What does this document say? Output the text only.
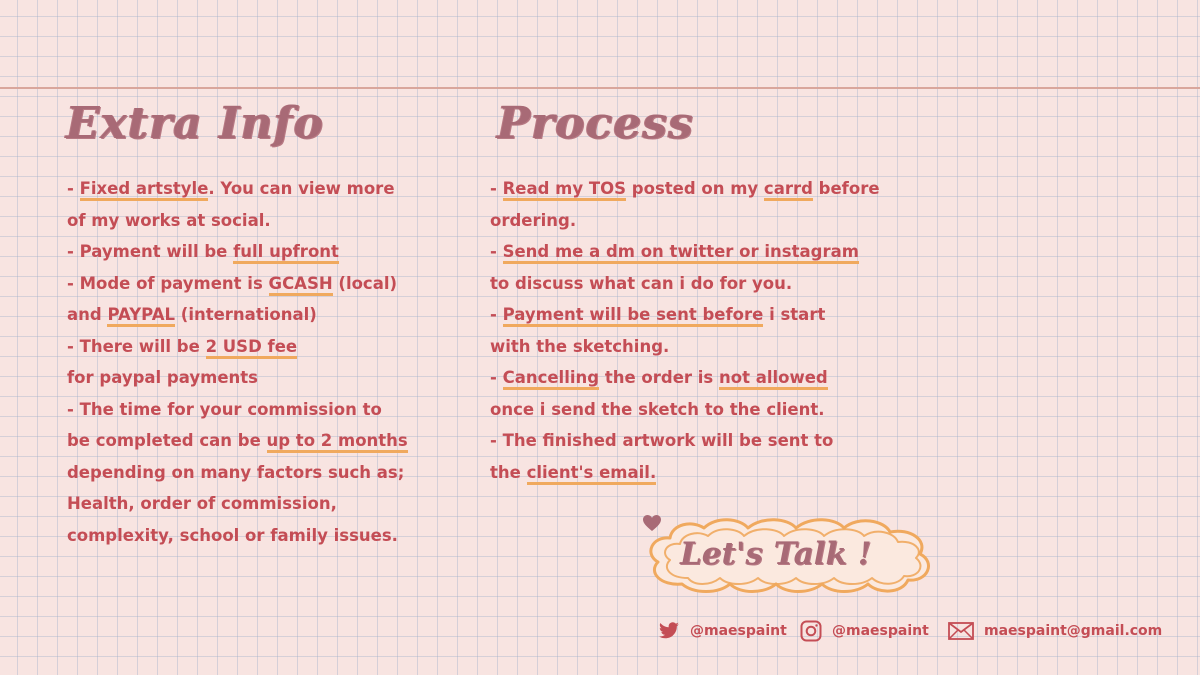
Extra Info
- Fixed artstyle. You can view more
of my works at social.
- Payment will be full upfront
- Mode of payment is GCASH (local)
and PAYPAL (international)
- There will be 2 USD fee
for paypal payments
- The time for your commission to
be completed can be up to 2 months
depending on many factors such as;
Health, order of commission,
complexity, school or family issues.
Process
- Read my TOS posted on my carrd before
ordering.
- Send me a dm on twitter or instagram
to discuss what can i do for you.
- Payment will be sent before i start
with the sketching.
- Cancelling the order is not allowed
once i send the sketch to the client.
- The finished artwork will be sent to
the client's email.
Let's Talk !
@maespaint	@maespaint	maespaint@gmail.com
